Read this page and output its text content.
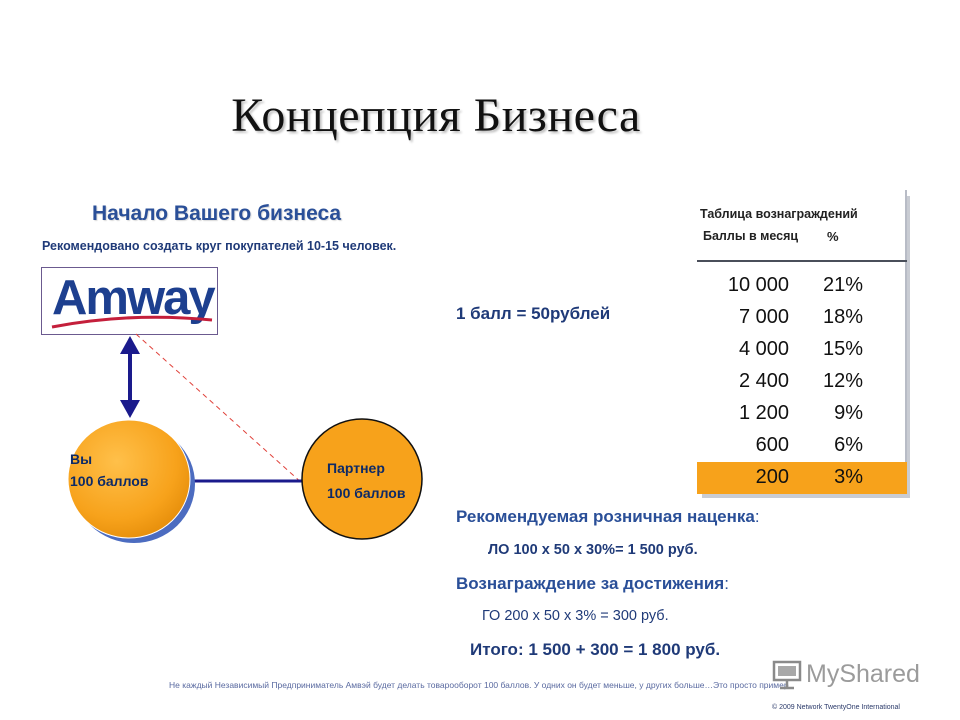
Концепция Бизнеса
Начало Вашего бизнеса
Рекомендовано создать круг покупателей 10-15 человек.
Amway
Вы
100 баллов
Партнер
100 баллов
1 балл = 50рублей
Таблица вознаграждений
Баллы в месяц %
10 000 21%
7 000 18%
4 000 15%
2 400 12%
1 200 9%
600 6%
200 3%
Рекомендуемая розничная наценка:
ЛО 100 х 50 х 30%= 1 500 руб.
Вознаграждение за достижения:
ГО 200 х 50 х 3% = 300 руб.
Итого: 1 500 + 300 = 1 800 руб.
Не каждый Независимый Предприниматель Амвэй будет делать товарооборот 100 баллов. У одних он будет меньше, у других больше…Это просто пример.
© 2009 Network TwentyOne International
MyShared
